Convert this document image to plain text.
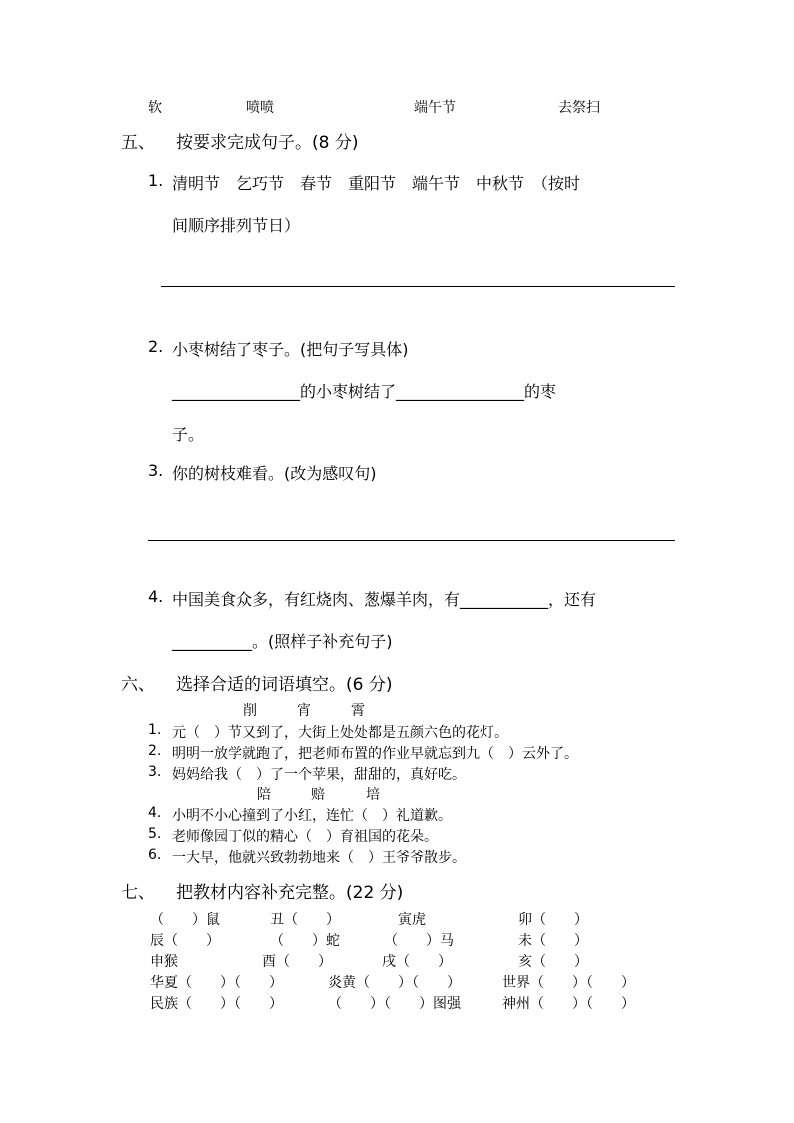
软	喷喷	端午节	去祭扫
五、 按要求完成句子。(8 分)
1. 清明节　乞巧节　春节　重阳节　端午节　中秋节　（按时
间顺序排列节日）
2. 小枣树结了枣子。(把句子写具体)
________________的小枣树结了________________的枣
子。
3. 你的树枝难看。(改为感叹句)
4. 中国美食众多，有红烧肉、葱爆羊肉，有___________，还有
__________。(照样子补充句子)
六、 选择合适的词语填空。(6 分)
削	宵	霄
1. 元（　）节又到了，大街上处处都是五颜六色的花灯。
2. 明明一放学就跑了，把老师布置的作业早就忘到九（　）云外了。
3. 妈妈给我（　）了一个苹果，甜甜的，真好吃。
陪	赔	培
4. 小明不小心撞到了小红，连忙（　）礼道歉。
5. 老师像园丁似的精心（　）育祖国的花朵。
6. 一大早，他就兴致勃勃地来（　）王爷爷散步。
七、 把教材内容补充完整。(22 分)
（　　）鼠	丑（　　）	寅虎	卯（　　）
辰（　　）	（　　）蛇	（　　）马	未（　　）
申猴	酉（　　）	戌（　　）	亥（　　）
华夏（　　）（　　）	炎黄（　　）（　　）	世界（　　）（　　）
民族（　　）（　　）	（　　）（　　）图强	神州（　　）（　　）
